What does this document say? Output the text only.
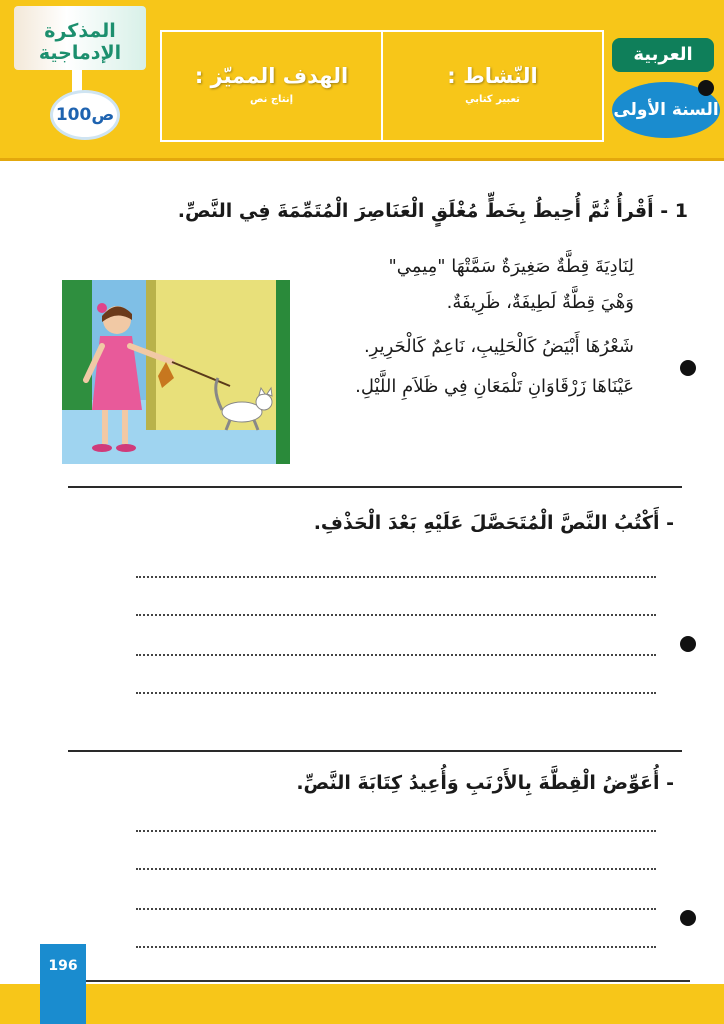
المذكرة الإدماجية
ص100
الهدف المميّز :
إنتاج نص
النّشاط :
تعبير كتابي
العربية
السنة الأولى
1 - أَقْرأُ ثُمَّ أُحِيطُ بِخَطٍّ مُغْلَقٍ الْعَنَاصِرَ الْمُتَمِّمَةَ فِي النَّصِّ.
لِنَادِيَةَ قِطَّةٌ صَغِيرَةٌ سَمَّتْهَا "مِيمِي"
وَهْيَ قِطَّةٌ لَطِيفَةٌ، ظَرِيفَةٌ.
شَعْرُهَا أَبْيَضُ كَالْحَلِيبِ، نَاعِمٌ كَالْحَرِيرِ.
عَيْنَاهَا زَرْقَاوَانِ تَلْمَعَانِ فِي ظَلاَمِ اللَّيْلِ.
- أَكْتُبُ النَّصَّ الْمُتَحَصَّلَ عَلَيْهِ بَعْدَ الْحَذْفِ.
- أُعَوِّضُ الْقِطَّةَ بِالأَرْنَبِ وَأُعِيدُ كِتَابَةَ النَّصِّ.
196
